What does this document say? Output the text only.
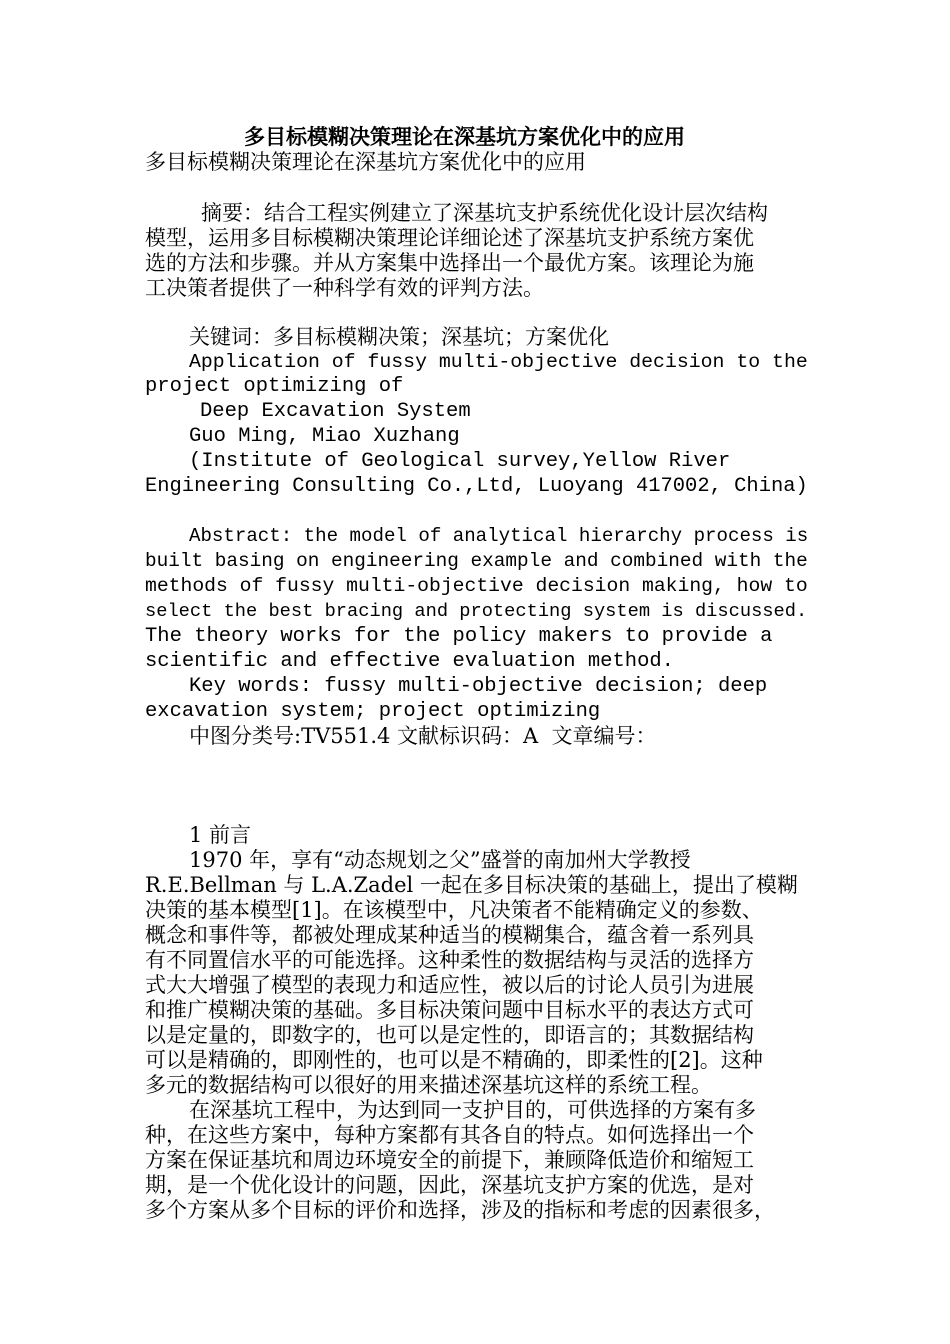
多目标模糊决策理论在深基坑方案优化中的应用
多目标模糊决策理论在深基坑方案优化中的应用
摘要：结合工程实例建立了深基坑支护系统优化设计层次结构
模型，运用多目标模糊决策理论详细论述了深基坑支护系统方案优
选的方法和步骤。并从方案集中选择出一个最优方案。该理论为施
工决策者提供了一种科学有效的评判方法。
关键词：多目标模糊决策；深基坑；方案优化
Application of fussy multi-objective decision to the
project optimizing of
Deep Excavation System
Guo Ming, Miao Xuzhang
(Institute of Geological survey,Yellow River
Engineering Consulting Co.,Ltd, Luoyang 417002, China)
Abstract: the model of analytical hierarchy process is
built basing on engineering example and combined with the
methods of fussy multi-objective decision making, how to
select the best bracing and protecting system is discussed.
The theory works for the policy makers to provide a
scientific and effective evaluation method.
Key words: fussy multi-objective decision; deep
excavation system; project optimizing
中图分类号:TV551.4 文献标识码：A  文章编号：
1 前言
1970 年，享有“动态规划之父”盛誉的南加州大学教授
R.E.Bellman 与 L.A.Zadel 一起在多目标决策的基础上，提出了模糊
决策的基本模型[1]。在该模型中，凡决策者不能精确定义的参数、
概念和事件等，都被处理成某种适当的模糊集合，蕴含着一系列具
有不同置信水平的可能选择。这种柔性的数据结构与灵活的选择方
式大大增强了模型的表现力和适应性，被以后的讨论人员引为进展
和推广模糊决策的基础。多目标决策问题中目标水平的表达方式可
以是定量的，即数字的，也可以是定性的，即语言的；其数据结构
可以是精确的，即刚性的，也可以是不精确的，即柔性的[2]。这种
多元的数据结构可以很好的用来描述深基坑这样的系统工程。
在深基坑工程中，为达到同一支护目的，可供选择的方案有多
种，在这些方案中，每种方案都有其各自的特点。如何选择出一个
方案在保证基坑和周边环境安全的前提下，兼顾降低造价和缩短工
期，是一个优化设计的问题，因此，深基坑支护方案的优选，是对
多个方案从多个目标的评价和选择，涉及的指标和考虑的因素很多，
